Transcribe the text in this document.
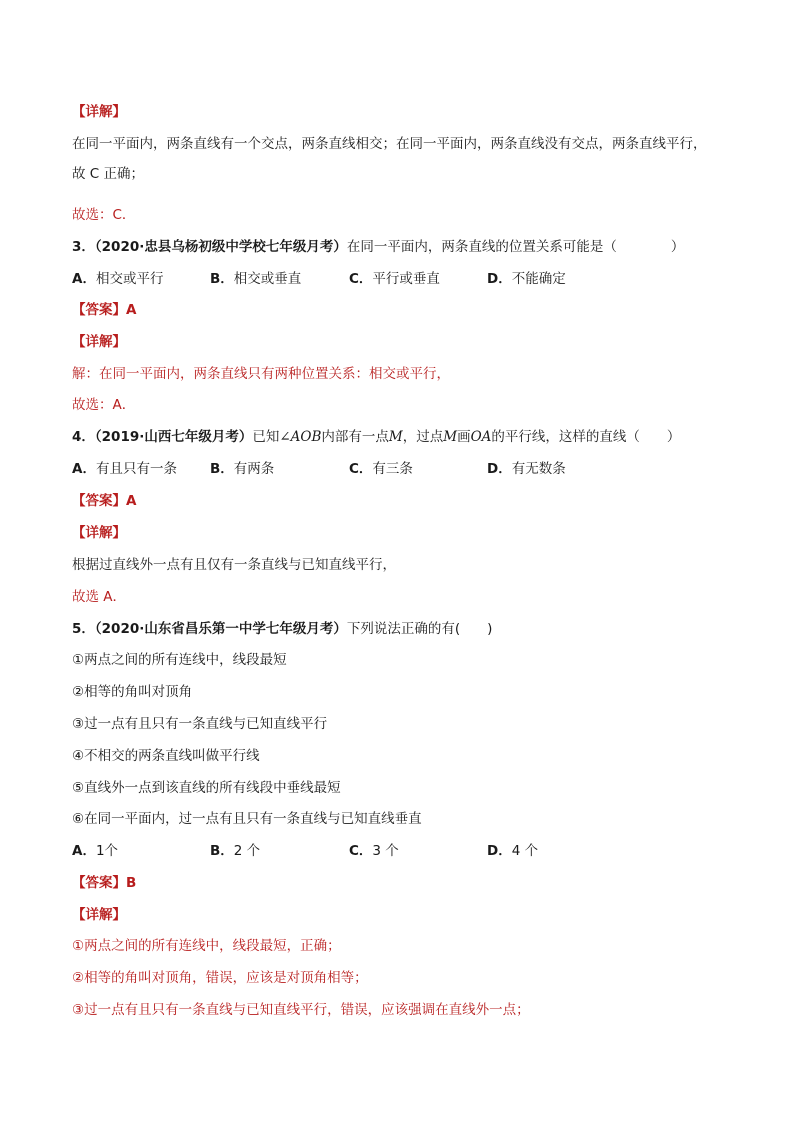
【详解】
在同一平面内，两条直线有一个交点，两条直线相交；在同一平面内，两条直线没有交点，两条直线平行，
故 C 正确；
故选：C．
3．（2020·忠县乌杨初级中学校七年级月考）在同一平面内，两条直线的位置关系可能是（　　　　）
A．相交或平行	B．相交或垂直	C．平行或垂直	D．不能确定
【答案】A
【详解】
解：在同一平面内，两条直线只有两种位置关系：相交或平行，
故选：A．
4．（2019·山西七年级月考）已知∠AOB内部有一点M，过点M画OA的平行线，这样的直线（　　）
A．有且只有一条 B．有两条	C．有三条	D．有无数条
【答案】A
【详解】
根据过直线外一点有且仅有一条直线与已知直线平行，
故选 A．
5．（2020·山东省昌乐第一中学七年级月考）下列说法正确的有(　　)
①两点之间的所有连线中，线段最短
②相等的角叫对顶角
③过一点有且只有一条直线与已知直线平行
④不相交的两条直线叫做平行线
⑤直线外一点到该直线的所有线段中垂线最短
⑥在同一平面内，过一点有且只有一条直线与已知直线垂直
A．1个	B．2 个	C．3 个	D．4 个
【答案】B
【详解】
①两点之间的所有连线中，线段最短，正确；
②相等的角叫对顶角，错误，应该是对顶角相等；
③过一点有且只有一条直线与已知直线平行，错误，应该强调在直线外一点；
